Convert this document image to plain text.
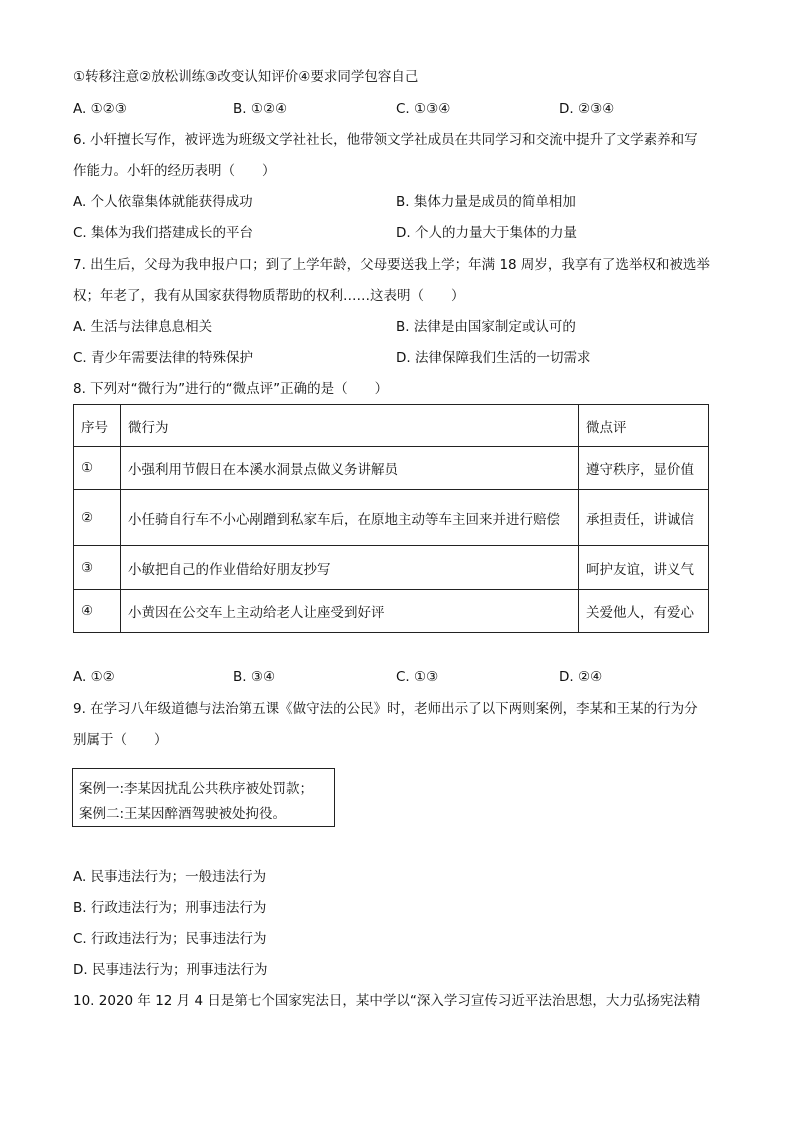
①转移注意②放松训练③改变认知评价④要求同学包容自己
A. ①②③	B. ①②④	C. ①③④	D. ②③④
6. 小轩擅长写作，被评选为班级文学社社长，他带领文学社成员在共同学习和交流中提升了文学素养和写
作能力。小轩的经历表明（　　）
A. 个人依靠集体就能获得成功	B. 集体力量是成员的简单相加
C. 集体为我们搭建成长的平台	D. 个人的力量大于集体的力量
7. 出生后，父母为我申报户口；到了上学年龄，父母要送我上学；年满 18 周岁，我享有了选举权和被选举
权；年老了，我有从国家获得物质帮助的权利……这表明（　　）
A. 生活与法律息息相关	B. 法律是由国家制定或认可的
C. 青少年需要法律的特殊保护	D. 法律保障我们生活的一切需求
8. 下列对“微行为”进行的“微点评”正确的是（　　）
序号	微行为	微点评
①	小强利用节假日在本溪水洞景点做义务讲解员	遵守秩序，显价值
②	小任骑自行车不小心剐蹭到私家车后，在原地主动等车主回来并进行赔偿	承担责任，讲诚信
③	小敏把自己的作业借给好朋友抄写	呵护友谊，讲义气
④	小黄因在公交车上主动给老人让座受到好评	关爱他人，有爱心
A. ①②	B. ③④	C. ①③	D. ②④
9. 在学习八年级道德与法治第五课《做守法的公民》时，老师出示了以下两则案例，李某和王某的行为分
别属于（　　）
案例一:李某因扰乱公共秩序被处罚款；
案例二:王某因醉酒驾驶被处拘役。
A. 民事违法行为；一般违法行为
B. 行政违法行为；刑事违法行为
C. 行政违法行为；民事违法行为
D. 民事违法行为；刑事违法行为
10. 2020 年 12 月 4 日是第七个国家宪法日，某中学以“深入学习宣传习近平法治思想，大力弘扬宪法精
